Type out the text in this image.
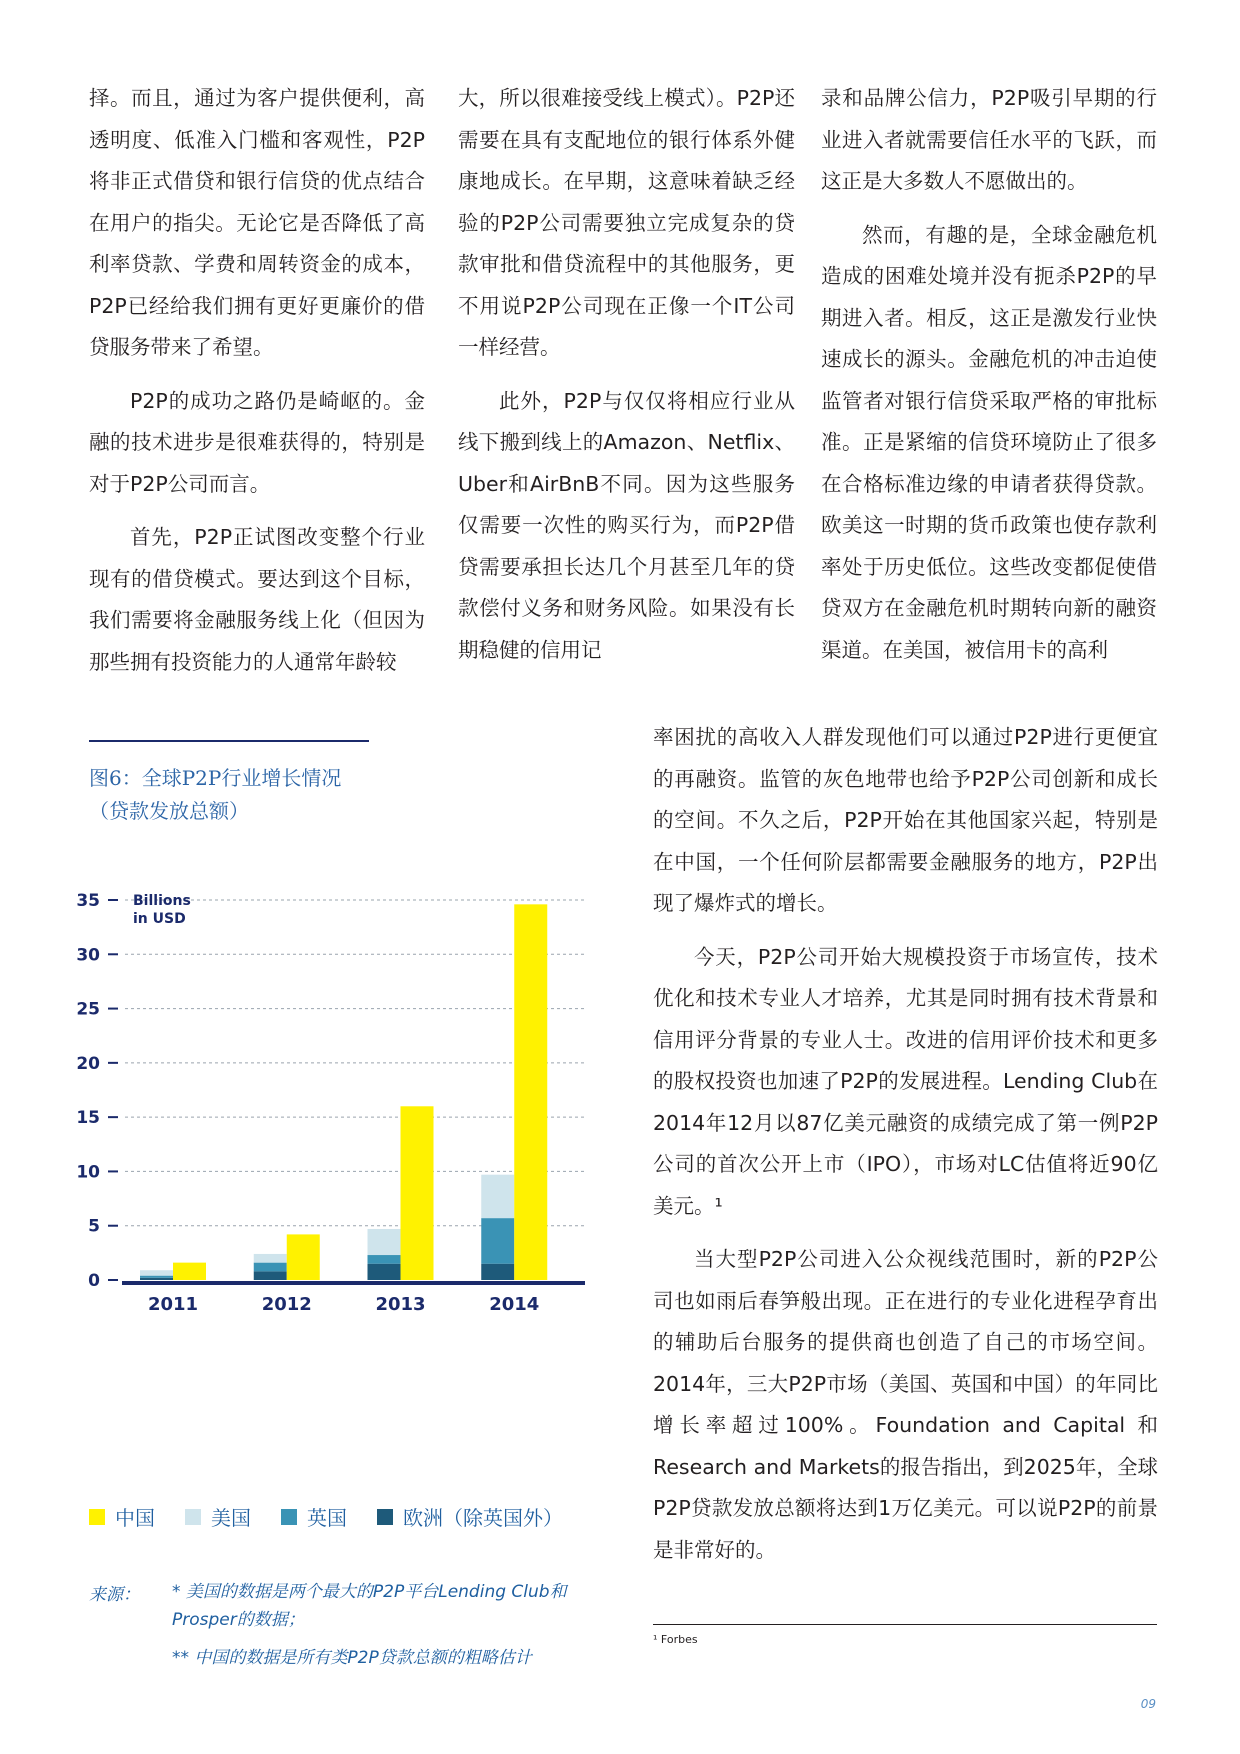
择。而且，通过为客户提供便利，高透明度、低准入门槛和客观性，P2P将非正式借贷和银行信贷的优点结合在用户的指尖。无论它是否降低了高利率贷款、学费和周转资金的成本，P2P已经给我们拥有更好更廉价的借贷服务带来了希望。

P2P的成功之路仍是崎岖的。金融的技术进步是很难获得的，特别是对于P2P公司而言。

首先，P2P正试图改变整个行业现有的借贷模式。要达到这个目标，我们需要将金融服务线上化（但因为那些拥有投资能力的人通常年龄较

大，所以很难接受线上模式）。P2P还需要在具有支配地位的银行体系外健康地成长。在早期，这意味着缺乏经验的P2P公司需要独立完成复杂的贷款审批和借贷流程中的其他服务，更不用说P2P公司现在正像一个IT公司一样经营。

此外，P2P与仅仅将相应行业从线下搬到线上的Amazon、Netflix、Uber和AirBnB不同。因为这些服务仅需要一次性的购买行为，而P2P借贷需要承担长达几个月甚至几年的贷款偿付义务和财务风险。如果没有长期稳健的信用记

录和品牌公信力，P2P吸引早期的行业进入者就需要信任水平的飞跃，而这正是大多数人不愿做出的。

然而，有趣的是，全球金融危机造成的困难处境并没有扼杀P2P的早期进入者。相反，这正是激发行业快速成长的源头。金融危机的冲击迫使监管者对银行信贷采取严格的审批标准。正是紧缩的信贷环境防止了很多在合格标准边缘的申请者获得贷款。欧美这一时期的货币政策也使存款利率处于历史低位。这些改变都促使借贷双方在金融危机时期转向新的融资渠道。在美国，被信用卡的高利

率困扰的高收入人群发现他们可以通过P2P进行更便宜的再融资。监管的灰色地带也给予P2P公司创新和成长的空间。不久之后，P2P开始在其他国家兴起，特别是在中国，一个任何阶层都需要金融服务的地方，P2P出现了爆炸式的增长。

今天，P2P公司开始大规模投资于市场宣传，技术优化和技术专业人才培养，尤其是同时拥有技术背景和信用评分背景的专业人士。改进的信用评价技术和更多的股权投资也加速了P2P的发展进程。Lending Club在2014年12月以87亿美元融资的成绩完成了第一例P2P公司的首次公开上市（IPO），市场对LC估值将近90亿美元。¹

当大型P2P公司进入公众视线范围时，新的P2P公司也如雨后春笋般出现。正在进行的专业化进程孕育出的辅助后台服务的提供商也创造了自己的市场空间。2014年，三大P2P市场（美国、英国和中国）的年同比增长率超过100%。Foundation and Capital 和 Research and Markets的报告指出，到2025年，全球P2P贷款发放总额将达到1万亿美元。可以说P2P的前景是非常好的。

图6：全球P2P行业增长情况
（贷款发放总额）
0
5
10
15
20
25
30
35 Billions
in USD
2011	2012	2013	2014
中国	美国	英国	欧洲（除英国外）
来源： * 美国的数据是两个最大的P2P平台Lending Club和Prosper的数据；

** 中国的数据是所有类P2P贷款总额的粗略估计

¹ Forbes
09
